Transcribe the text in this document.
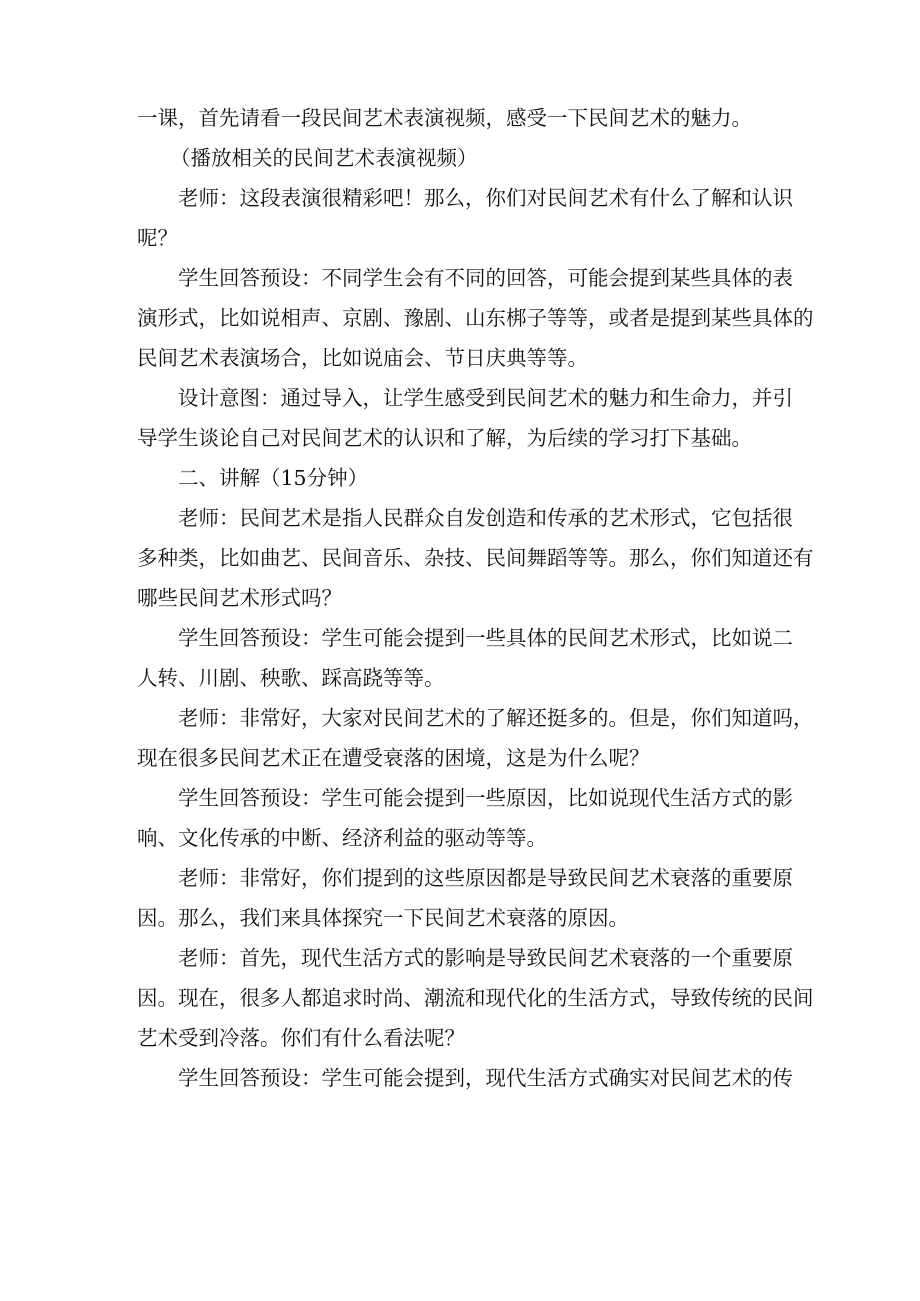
一课，首先请看一段民间艺术表演视频，感受一下民间艺术的魅力。
（播放相关的民间艺术表演视频）
老师：这段表演很精彩吧！那么，你们对民间艺术有什么了解和认识
呢？
学生回答预设：不同学生会有不同的回答，可能会提到某些具体的表
演形式，比如说相声、京剧、豫剧、山东梆子等等，或者是提到某些具体的
民间艺术表演场合，比如说庙会、节日庆典等等。
设计意图：通过导入，让学生感受到民间艺术的魅力和生命力，并引
导学生谈论自己对民间艺术的认识和了解，为后续的学习打下基础。
二、讲解（15分钟）
老师：民间艺术是指人民群众自发创造和传承的艺术形式，它包括很
多种类，比如曲艺、民间音乐、杂技、民间舞蹈等等。那么，你们知道还有
哪些民间艺术形式吗？
学生回答预设：学生可能会提到一些具体的民间艺术形式，比如说二
人转、川剧、秧歌、踩高跷等等。
老师：非常好，大家对民间艺术的了解还挺多的。但是，你们知道吗，
现在很多民间艺术正在遭受衰落的困境，这是为什么呢？
学生回答预设：学生可能会提到一些原因，比如说现代生活方式的影
响、文化传承的中断、经济利益的驱动等等。
老师：非常好，你们提到的这些原因都是导致民间艺术衰落的重要原
因。那么，我们来具体探究一下民间艺术衰落的原因。
老师：首先，现代生活方式的影响是导致民间艺术衰落的一个重要原
因。现在，很多人都追求时尚、潮流和现代化的生活方式，导致传统的民间
艺术受到冷落。你们有什么看法呢？
学生回答预设：学生可能会提到，现代生活方式确实对民间艺术的传
